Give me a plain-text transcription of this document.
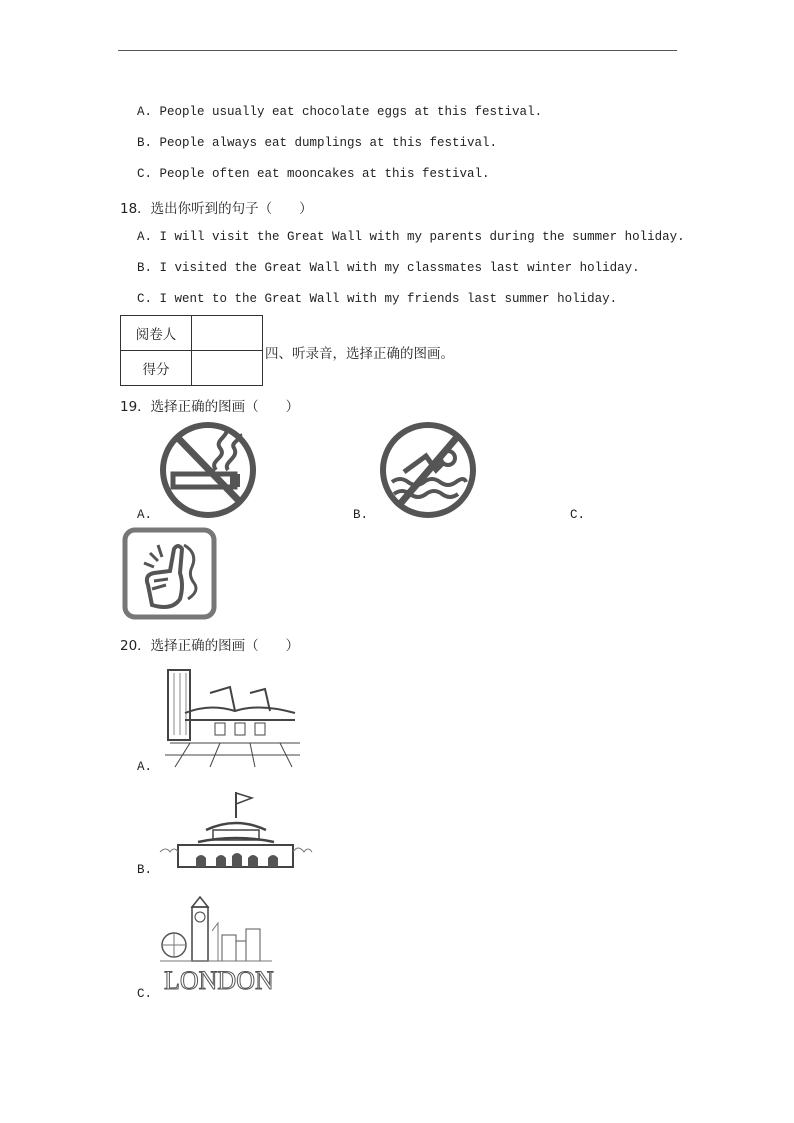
A. People usually eat chocolate eggs at this festival.
B. People always eat dumplings at this festival.
C. People often eat mooncakes at this festival.
18．选出你听到的句子（　　）
A. I will visit the Great Wall with my parents during the summer holiday.
B. I visited the Great Wall with my classmates last winter holiday.
C. I went to the Great Wall with my friends last summer holiday.
阅卷人	
得分	
四、听录音，选择正确的图画。
19．选择正确的图画（　　）
A.	B.	C.
20．选择正确的图画（　　）
A.
B.
LONDON
C.
